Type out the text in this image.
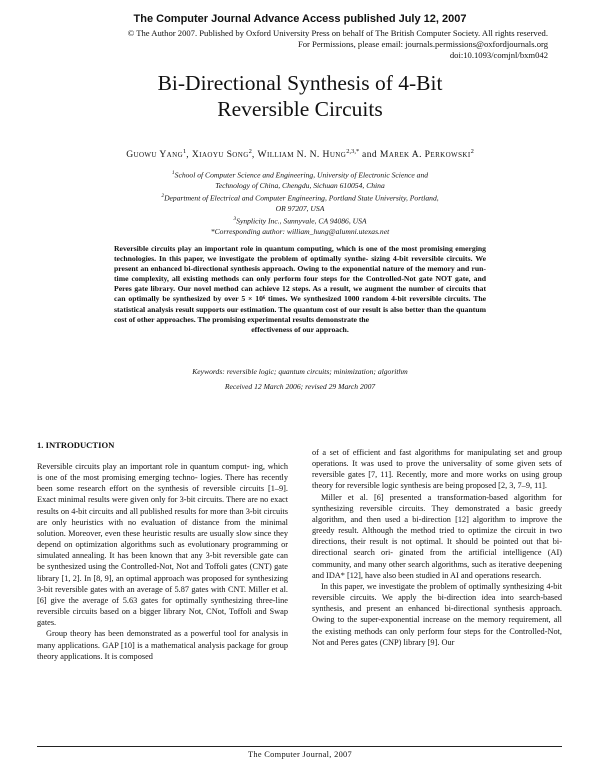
The Computer Journal Advance Access published July 12, 2007
© The Author 2007. Published by Oxford University Press on behalf of The British Computer Society. All rights reserved.
For Permissions, please email: journals.permissions@oxfordjournals.org
doi:10.1093/comjnl/bxm042
Bi-Directional Synthesis of 4-Bit
Reversible Circuits
Guowu Yang$^1$, Xiaoyu Song$^2$, William N. N. Hung$^{2,3,*}$ and Marek A. Perkowski$^2$
$^1$School of Computer Science and Engineering, University of Electronic Science and
Technology of China, Chengdu, Sichuan 610054, China
$^2$Department of Electrical and Computer Engineering, Portland State University, Portland,
OR 97207, USA
$^3$Synplicity Inc., Sunnyvale, CA 94086, USA
*Corresponding author: william_hung@alumni.utexas.net
Reversible circuits play an important role in quantum computing, which is one of the most promising emerging technologies. In this paper, we investigate the problem of optimally synthe- sizing 4-bit reversible circuits. We present an enhanced bi-directional synthesis approach. Owing to the exponential nature of the memory and run-time complexity, all existing methods can only perform four steps for the Controlled-Not gate NOT gate, and Peres gate library. Our novel method can achieve 12 steps. As a result, we augment the number of circuits that can optimally be synthesized by over 5 × 10⁶ times. We synthesized 1000 random 4-bit reversible circuits. The statistical analysis result supports our estimation. The quantum cost of our result is also better than the quantum cost of other approaches. The promising experimental results demonstrate the
effectiveness of our approach.
Keywords: reversible logic; quantum circuits; minimization; algorithm
Received 12 March 2006; revised 29 March 2007
1. INTRODUCTION

Reversible circuits play an important role in quantum comput- ing, which is one of the most promising emerging techno- logies. There has recently been some research effort on the synthesis of reversible circuits [1–9]. Exact minimal results were given only for 3-bit circuits. There are no exact results on 4-bit circuits and all published results for more than 3-bit circuits are only heuristics with no evaluation of distance from the minimal solution. Moreover, even these heuristic results are usually slow since they depend on optimization algorithms such as evolutionary programming or simulated annealing. It has been known that any 3-bit reversible gate can be synthesized using the Controlled-Not, Not and Toffoli gates (CNT) gate library [1, 2]. In [8, 9], an optimal approach was proposed for synthesizing 3-bit reversible gates with an average of 5.87 gates with CNT. Miller et al. [6] give the average of 5.63 gates for optimally synthesizing three-line reversible circuits based on a bigger library Not, CNot, Toffoli and Swap gates.

Group theory has been demonstrated as a powerful tool for analysis in many applications. GAP [10] is a mathematical analysis package for group theory applications. It is composed

of a set of efficient and fast algorithms for manipulating set and group operations. It was used to prove the universality of some given sets of reversible gates [7, 11]. Recently, more and more works on using group theory for reversible logic synthesis are being proposed [2, 3, 7–9, 11].

Miller et al. [6] presented a transformation-based algorithm for synthesizing reversible circuits. They demonstrated a basic greedy algorithm, and then used a bi-direction [12] algorithm to improve the greedy result. Although the method tried to optimize the circuit in two directions, their result is not optimal. It should be pointed out that bi-directional search ori- ginated from the artificial intelligence (AI) community, and many other search algorithms, such as iterative deepening and IDA* [12], have also been studied in AI and operations research.

In this paper, we investigate the problem of optimally synthesizing 4-bit reversible circuits. We apply the bi-direction idea into search-based synthesis, and present an enhanced bi-directional synthesis approach. Owing to the super-exponential increase on the memory requirement, all the existing methods can only perform four steps for the Controlled-Not, Not and Peres gates (CNP) library [9]. Our

The Computer Journal, 2007
